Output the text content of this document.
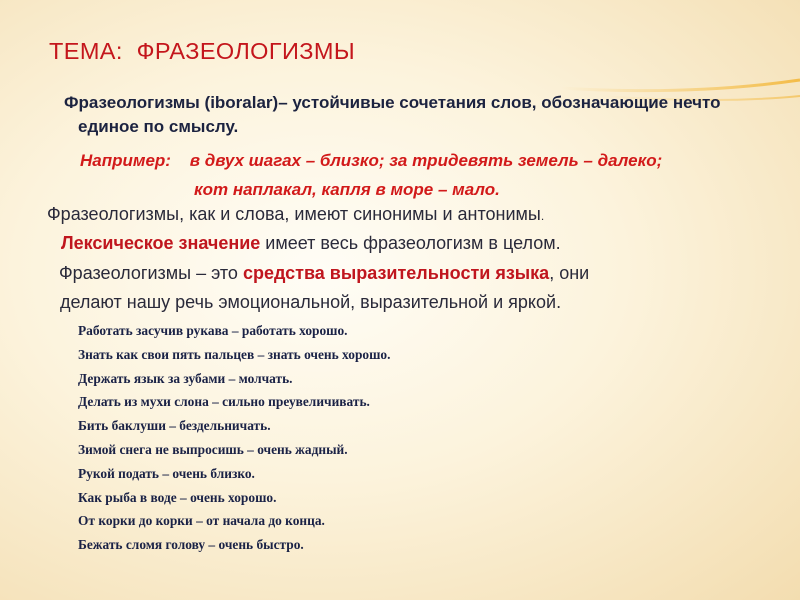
ТЕМА:  ФРАЗЕОЛОГИЗМЫ
Фразеологизмы (iboralar)– устойчивые сочетания слов, обозначающие нечто единое по смыслу.
Например: в двух шагах – близко; за тридевять земель – далеко;
кот наплакал, капля в море – мало.
Фразеологизмы, как и слова, имеют синонимы и антонимы.
Лексическое значение имеет весь фразеологизм в целом.
Фразеологизмы – это средства выразительности языка, они
делают нашу речь эмоциональной, выразительной и яркой.
Работать засучив рукава – работать хорошо.
Знать как свои пять пальцев – знать очень хорошо.
Держать язык за зубами – молчать.
Делать из мухи слона – сильно преувеличивать.
Бить баклуши – бездельничать.
Зимой снега не выпросишь – очень жадный.
Рукой подать – очень близко.
Как рыба в воде – очень хорошо.
От корки до корки – от начала до конца.
Бежать сломя голову – очень быстро.
